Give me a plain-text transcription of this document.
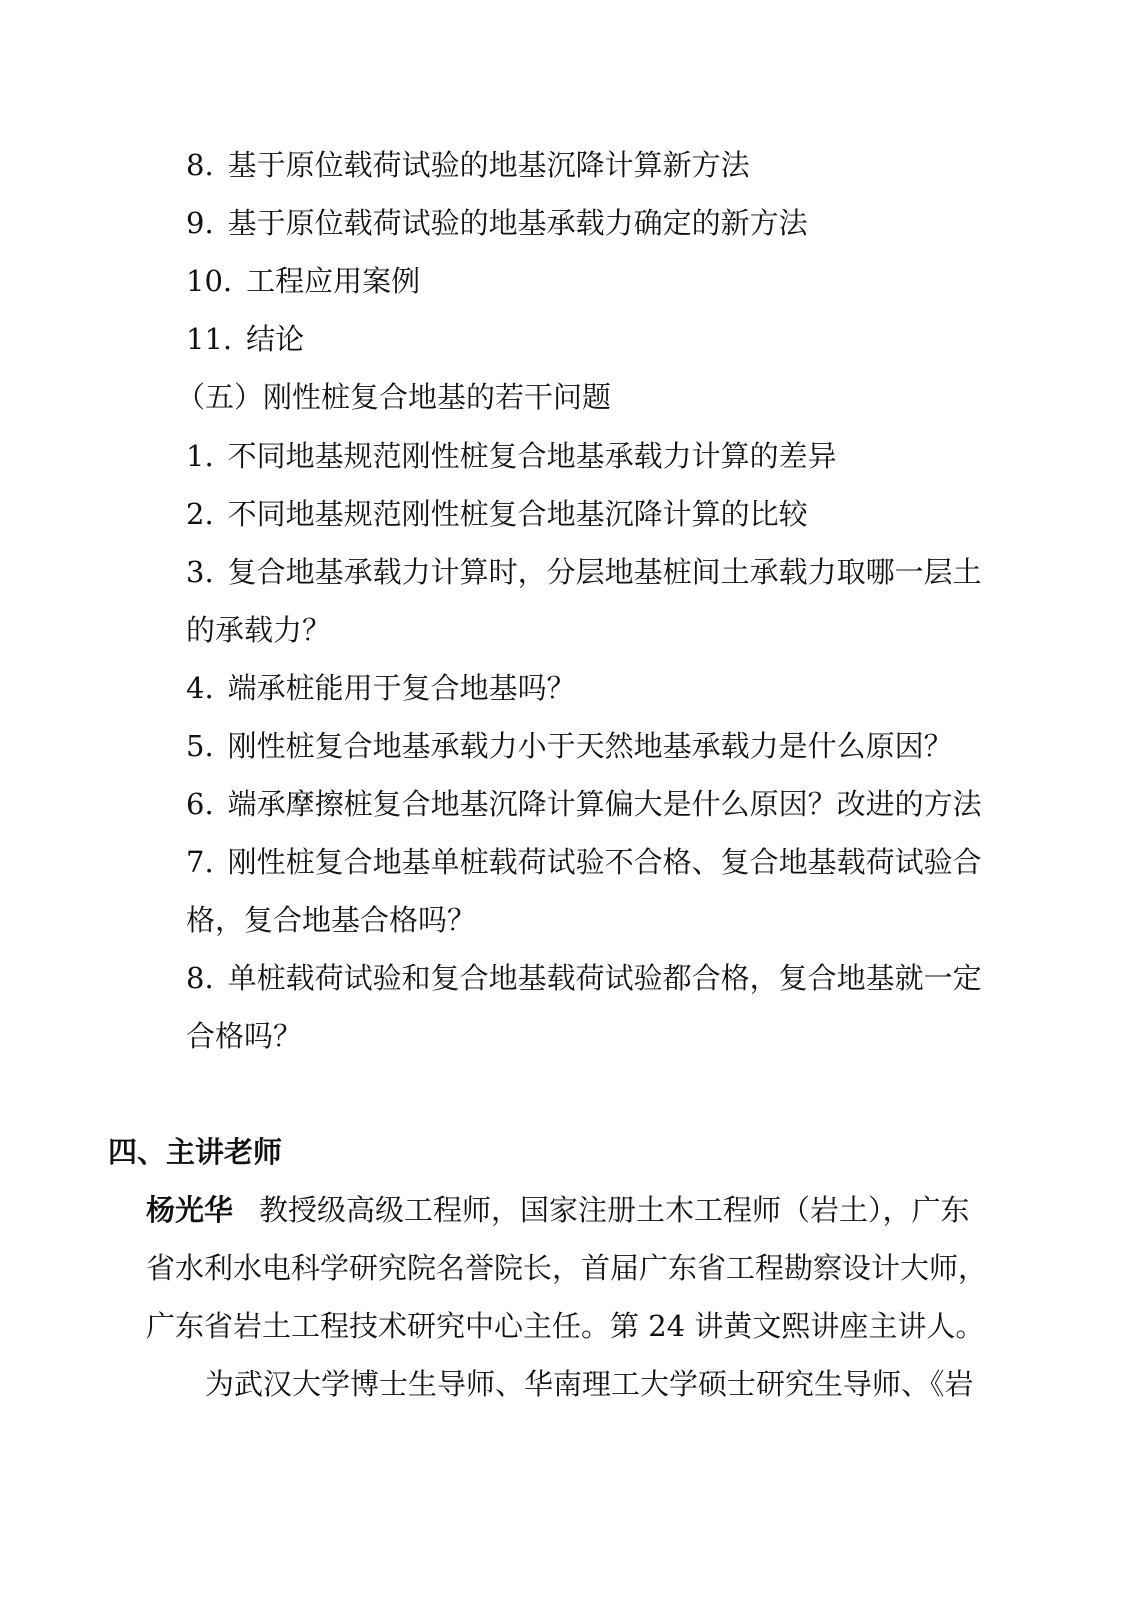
8. 基于原位载荷试验的地基沉降计算新方法

9. 基于原位载荷试验的地基承载力确定的新方法

10. 工程应用案例

11. 结论

（五）刚性桩复合地基的若干问题

1. 不同地基规范刚性桩复合地基承载力计算的差异

2. 不同地基规范刚性桩复合地基沉降计算的比较

3. 复合地基承载力计算时，分层地基桩间土承载力取哪一层土

的承载力？

4. 端承桩能用于复合地基吗？

5. 刚性桩复合地基承载力小于天然地基承载力是什么原因？

6. 端承摩擦桩复合地基沉降计算偏大是什么原因？改进的方法

7. 刚性桩复合地基单桩载荷试验不合格、复合地基载荷试验合

格，复合地基合格吗？

8. 单桩载荷试验和复合地基载荷试验都合格，复合地基就一定

合格吗？

四、主讲老师

杨光华 教授级高级工程师，国家注册土木工程师（岩土），广东

省水利水电科学研究院名誉院长，首届广东省工程勘察设计大师，

广东省岩土工程技术研究中心主任。第 24 讲黄文熙讲座主讲人。

为武汉大学博士生导师、华南理工大学硕士研究生导师、《岩
